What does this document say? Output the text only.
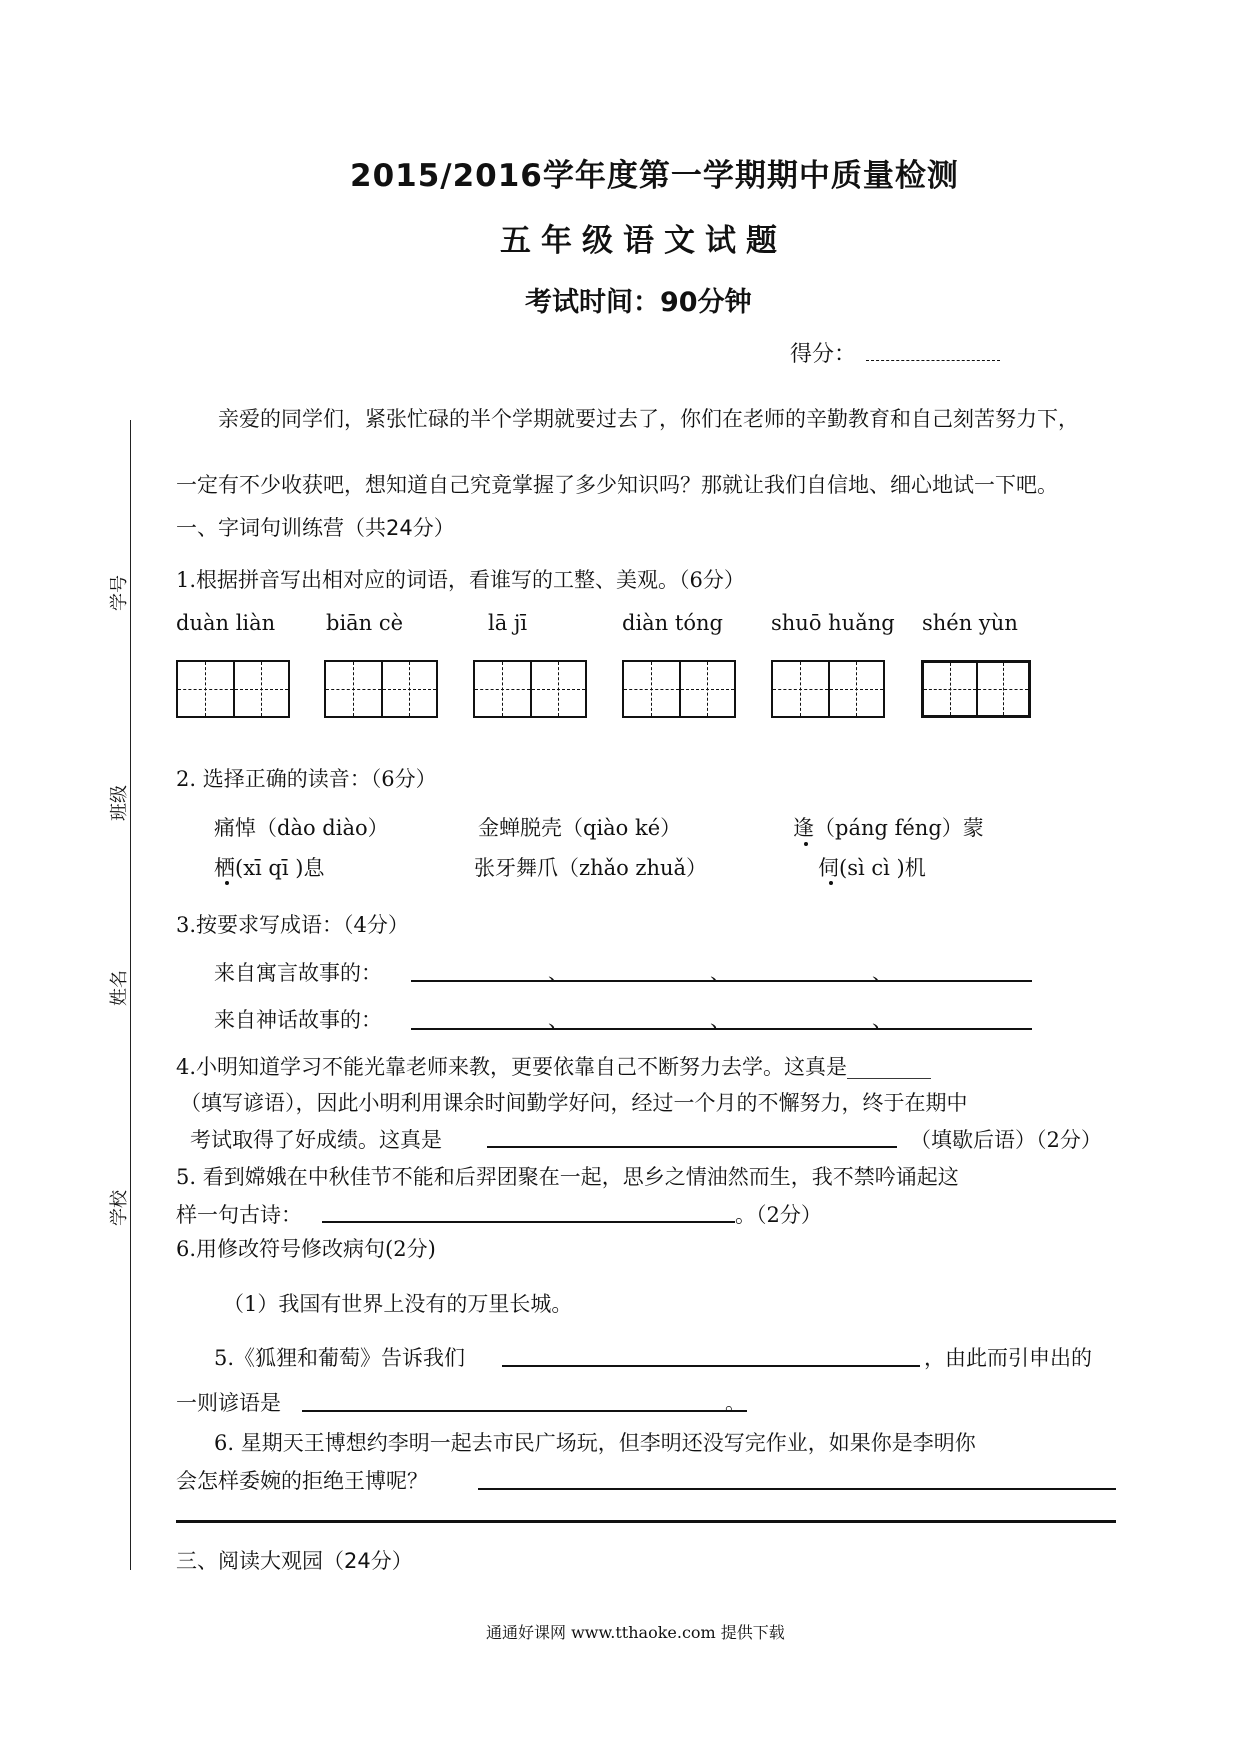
2015/2016学年度第一学期期中质量检测
五年级语文试题
考试时间：90分钟
得分：
学号
班级
姓名
学校
亲爱的同学们，紧张忙碌的半个学期就要过去了，你们在老师的辛勤教育和自己刻苦努力下，
一定有不少收获吧，想知道自己究竟掌握了多少知识吗？那就让我们自信地、细心地试一下吧。
一、字词句训练营（共24分）
1.根据拼音写出相对应的词语，看谁写的工整、美观。（6分）
duàn liàn biān cè	lā jī	diàn tóng shuō huǎng shén yùn
2. 选择正确的读音：（6分）
痛悼（dào diào）	金蝉脱壳（qiào ké）	逢（páng féng）蒙
栖(xī qī )息	张牙舞爪（zhǎo zhuǎ）	伺(sì cì )机
3.按要求写成语：（4分）
来自寓言故事的：	、	、	、
来自神话故事的：	、	、	、
4.小明知道学习不能光靠老师来教，更要依靠自己不断努力去学。这真是________
（填写谚语），因此小明利用课余时间勤学好问，经过一个月的不懈努力，终于在期中
考试取得了好成绩。这真是	（填歇后语）（2分）
5. 看到嫦娥在中秋佳节不能和后羿团聚在一起，思乡之情油然而生，我不禁吟诵起这
样一句古诗：	。（2分）
6.用修改符号修改病句(2分)
（1）我国有世界上没有的万里长城。
5.《狐狸和葡萄》告诉我们	，由此而引申出的
一则谚语是	。
6. 星期天王博想约李明一起去市民广场玩，但李明还没写完作业，如果你是李明你
会怎样委婉的拒绝王博呢？
三、阅读大观园（24分）
通通好课网 www.tthaoke.com 提供下载
